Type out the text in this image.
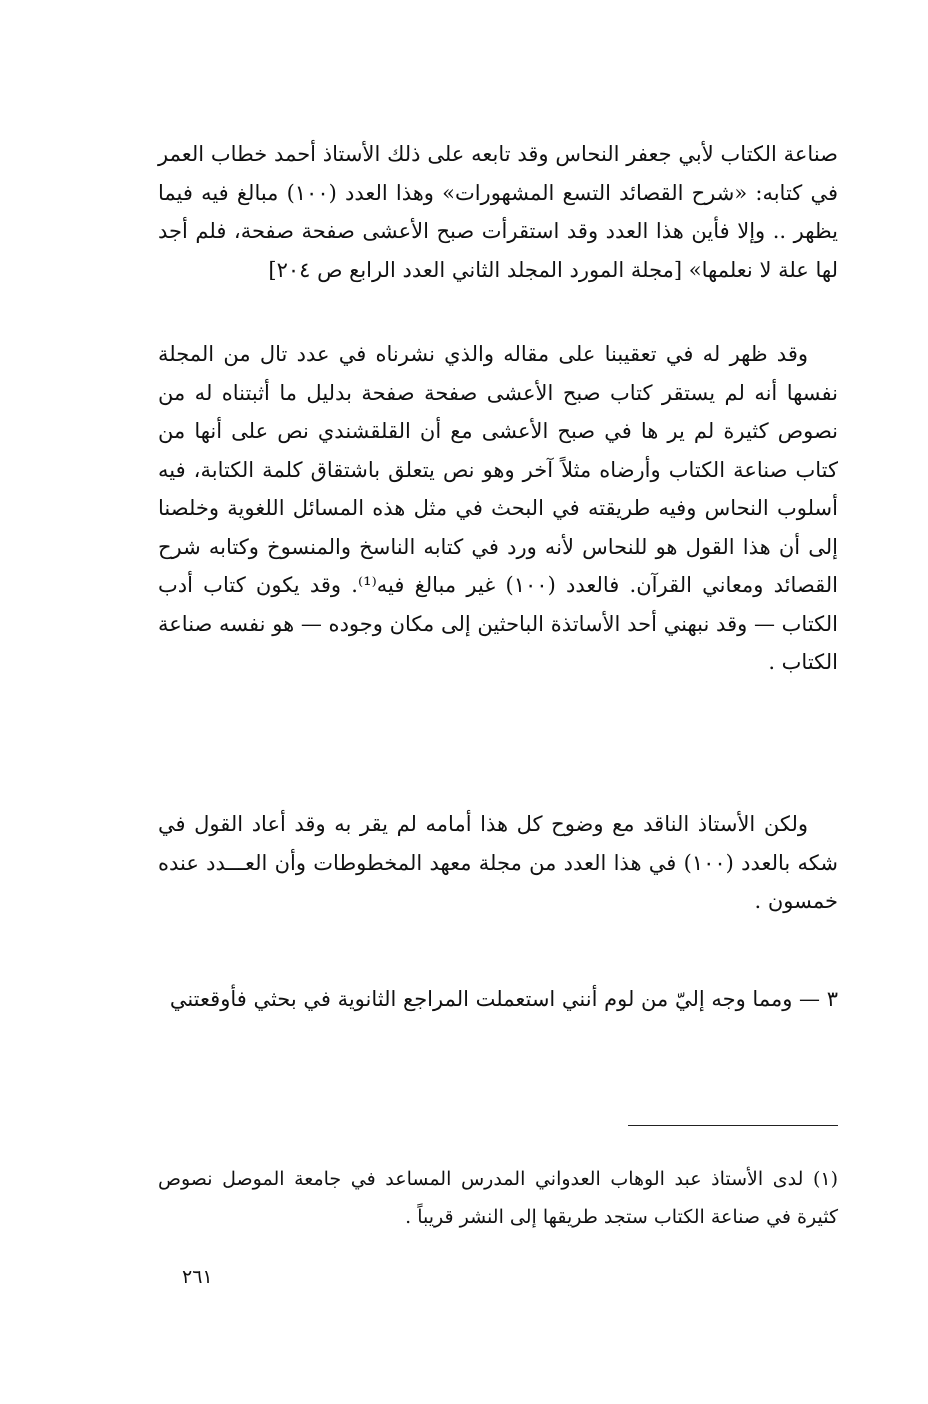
صناعة الكتاب لأبي جعفر النحاس وقد تابعه على ذلك الأستاذ أحمد خطاب العمر في كتابه: «شرح القصائد التسع المشهورات» وهذا العدد (١٠٠) مبالغ فيه فيما يظهر .. وإلا فأين هذا العدد وقد استقرأت صبح الأعشى صفحة صفحة، فلم أجد لها علة لا نعلمها» [مجلة المورد المجلد الثاني العدد الرابع ص ٢٠٤]

وقد ظهر له في تعقيبنا على مقاله والذي نشرناه في عدد تال من المجلة نفسها أنه لم يستقر كتاب صبح الأعشى صفحة صفحة بدليل ما أثبتناه له من نصوص كثيرة لم ير ها في صبح الأعشى مع أن القلقشندي نص على أنها من كتاب صناعة الكتاب وأرضاه مثلاً آخر وهو نص يتعلق باشتقاق كلمة الكتابة، فيه أسلوب النحاس وفيه طريقته في البحث في مثل هذه المسائل اللغوية وخلصنا إلى أن هذا القول هو للنحاس لأنه ورد في كتابه الناسخ والمنسوخ وكتابه شرح القصائد ومعاني القرآن. فالعدد (١٠٠) غير مبالغ فيه⁽¹⁾. وقد يكون كتاب أدب الكتاب — وقد نبهني أحد الأساتذة الباحثين إلى مكان وجوده — هو نفسه صناعة الكتاب .

ولكن الأستاذ الناقد مع وضوح كل هذا أمامه لم يقر به وقد أعاد القول في شكه بالعدد (١٠٠) في هذا العدد من مجلة معهد المخطوطات وأن العـــدد عنده خمسون .

٣ — ومما وجه إليّ من لوم أنني استعملت المراجع الثانوية في بحثي فأوقعتني

(١) لدى الأستاذ عبد الوهاب العدواني المدرس المساعد في جامعة الموصل نصوص كثيرة في صناعة الكتاب ستجد طريقها إلى النشر قريباً .

٢٦١
